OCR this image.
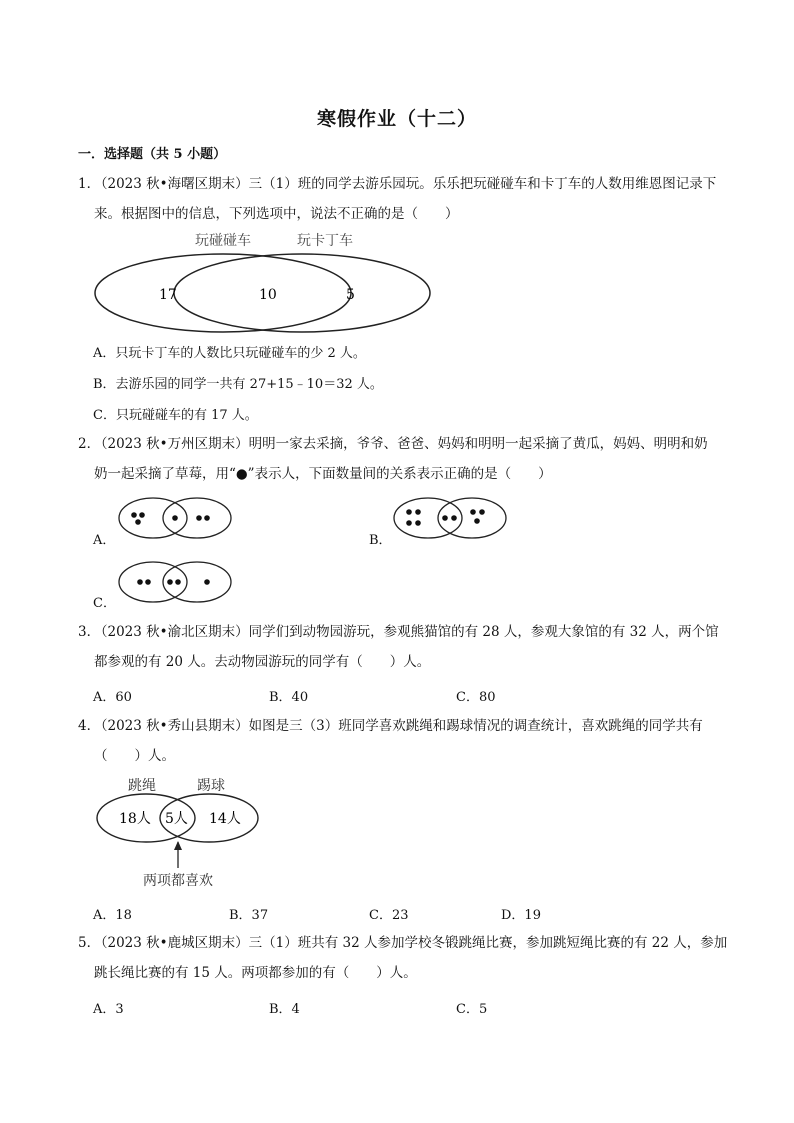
寒假作业（十二）
一．选择题（共 5 小题）
1．
（2023 秋•海曙区期末）三（1）班的同学去游乐园玩。乐乐把玩碰碰车和卡丁车的人数用维恩图记录下
来。根据图中的信息，下列选项中，说法不正确的是（　　）
玩碰碰车	玩卡丁车
17	10	5
A．只玩卡丁车的人数比只玩碰碰车的少 2 人。
B．去游乐园的同学一共有 27+15﹣10＝32 人。
C．只玩碰碰车的有 17 人。
2．
（2023 秋•万州区期末）明明一家去采摘，爷爷、爸爸、妈妈和明明一起采摘了黄瓜，妈妈、明明和奶
奶一起采摘了草莓，用“●”表示人，下面数量间的关系表示正确的是（　　）
A．	B．
C．
3．
（2023 秋•渝北区期末）同学们到动物园游玩，参观熊猫馆的有 28 人，参观大象馆的有 32 人，两个馆
都参观的有 20 人。去动物园游玩的同学有（　　）人。
A．60	B．40	C．80
4．
（2023 秋•秀山县期末）如图是三（3）班同学喜欢跳绳和踢球情况的调查统计，喜欢跳绳的同学共有
（　　）人。
跳绳	踢球
18人 5人 14人
两项都喜欢
A．18	B．37	C．23	D．19
5．
（2023 秋•鹿城区期末）三（1）班共有 32 人参加学校冬锻跳绳比赛，参加跳短绳比赛的有 22 人，参加
跳长绳比赛的有 15 人。两项都参加的有（　　）人。
A．3	B．4	C．5
